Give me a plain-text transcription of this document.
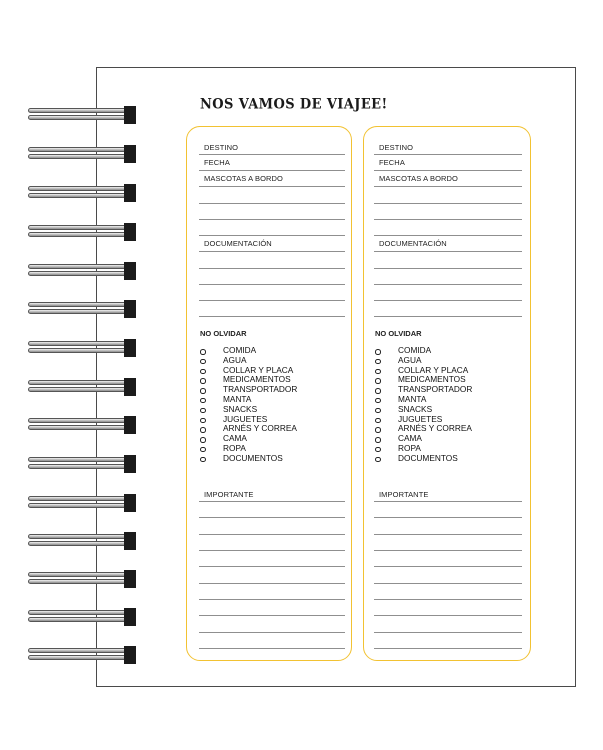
NOS VAMOS DE VIAJEE!
DESTINO
FECHA
MASCOTAS A BORDO
DOCUMENTACIÓN
NO OLVIDAR
COMIDA
AGUA
COLLAR Y PLACA
MEDICAMENTOS
TRANSPORTADOR
MANTA
SNACKS
JUGUETES
ARNÉS Y CORREA
CAMA
ROPA
DOCUMENTOS
IMPORTANTE
DESTINO
FECHA
MASCOTAS A BORDO
DOCUMENTACIÓN
NO OLVIDAR
COMIDA
AGUA
COLLAR Y PLACA
MEDICAMENTOS
TRANSPORTADOR
MANTA
SNACKS
JUGUETES
ARNÉS Y CORREA
CAMA
ROPA
DOCUMENTOS
IMPORTANTE
